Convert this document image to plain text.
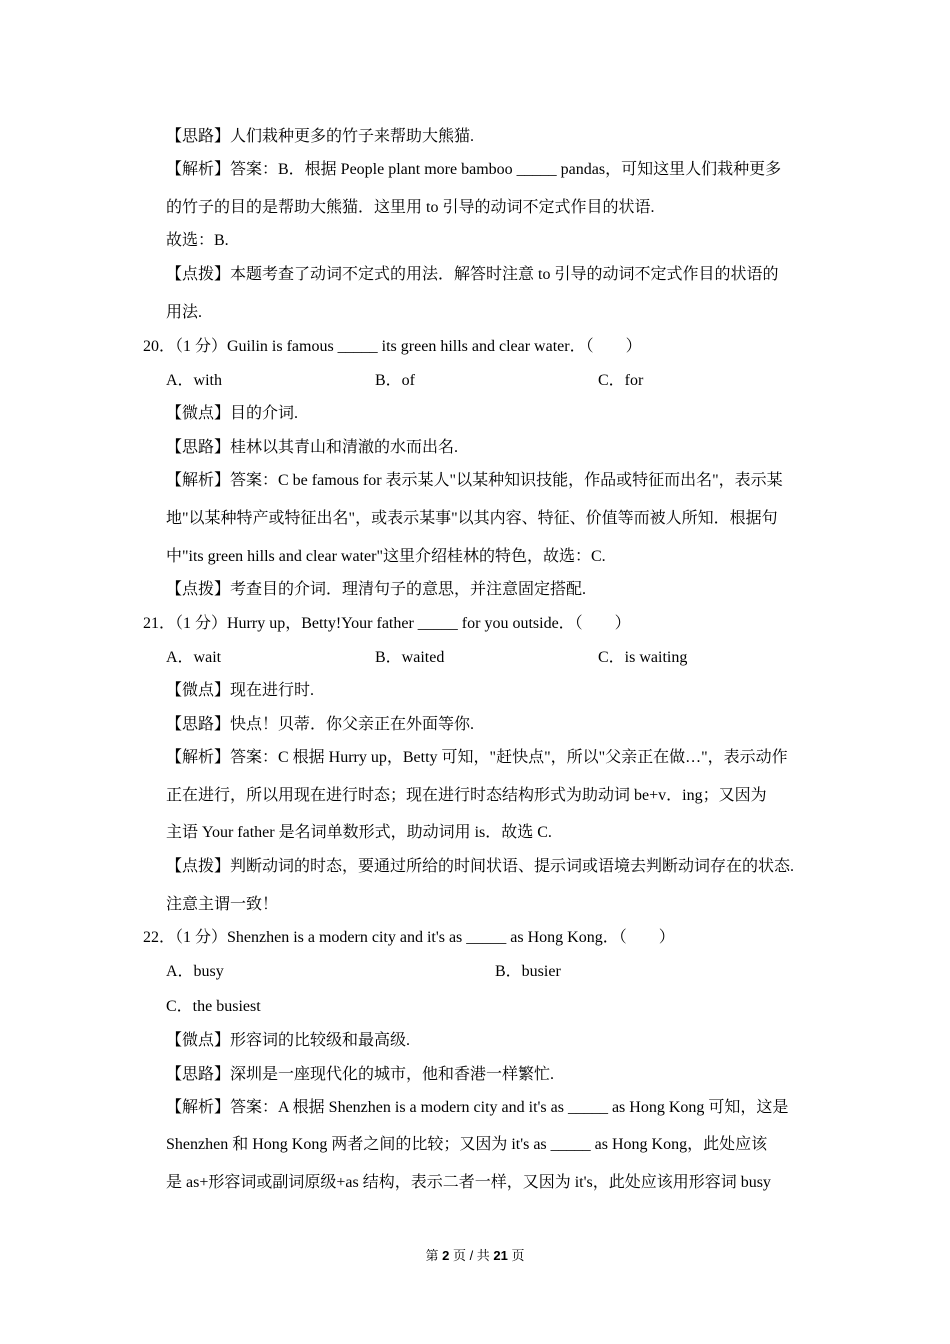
【思路】人们栽种更多的竹子来帮助大熊猫.
【解析】答案：B．根据 People plant more bamboo _____ pandas，可知这里人们栽种更多
的竹子的目的是帮助大熊猫．这里用 to 引导的动词不定式作目的状语.
故选：B.
【点拨】本题考查了动词不定式的用法．解答时注意 to 引导的动词不定式作目的状语的
用法.
20．（1 分）Guilin is famous _____ its green hills and clear water．（　　）
A．with	B．of	C．for
【微点】目的介词.
【思路】桂林以其青山和清澈的水而出名.
【解析】答案：C be famous for 表示某人"以某种知识技能，作品或特征而出名"，表示某
地"以某种特产或特征出名"，或表示某事"以其内容、特征、价值等而被人所知．根据句
中"its green hills and clear water"这里介绍桂林的特色，故选：C.
【点拨】考查目的介词．理清句子的意思，并注意固定搭配.
21．（1 分）Hurry up，Betty!Your father _____ for you outside．（　　）
A．wait	B．waited	C．is waiting
【微点】现在进行时.
【思路】快点！贝蒂．你父亲正在外面等你.
【解析】答案：C 根据 Hurry up，Betty 可知，"赶快点"，所以"父亲正在做…"，表示动作
正在进行，所以用现在进行时态；现在进行时态结构形式为助动词 be+v．ing；又因为
主语 Your father 是名词单数形式，助动词用 is．故选 C.
【点拨】判断动词的时态，要通过所给的时间状语、提示词或语境去判断动词存在的状态.
注意主谓一致！
22．（1 分）Shenzhen is a modern city and it's as _____ as Hong Kong．（　　）
A．busy	B．busier
C．the busiest
【微点】形容词的比较级和最高级.
【思路】深圳是一座现代化的城市，他和香港一样繁忙.
【解析】答案：A 根据 Shenzhen is a modern city and it's as _____ as Hong Kong 可知，这是
Shenzhen 和 Hong Kong 两者之间的比较；又因为 it's as _____ as Hong Kong，此处应该
是 as+形容词或副词原级+as 结构，表示二者一样，又因为 it's，此处应该用形容词 busy
第 2 页 / 共 21 页
